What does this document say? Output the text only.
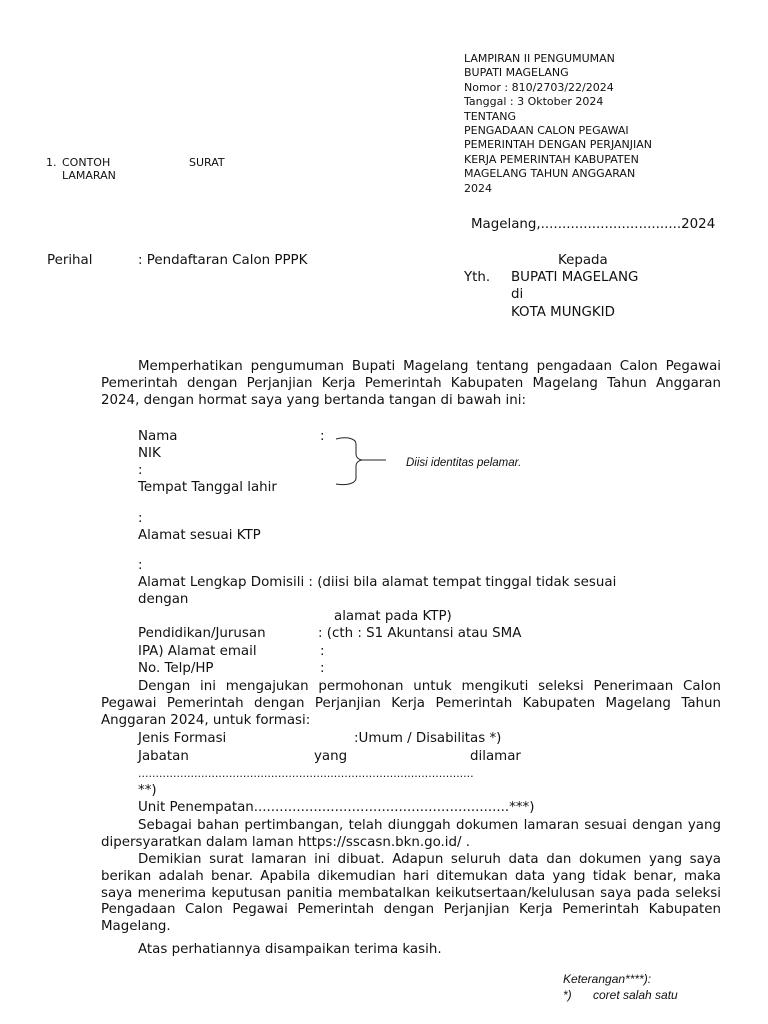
LAMPIRAN II PENGUMUMAN
BUPATI MAGELANG
Nomor : 810/2703/22/2024
Tanggal : 3 Oktober 2024
TENTANG
PENGADAAN CALON PEGAWAI
PEMERINTAH DENGAN PERJANJIAN
KERJA PEMERINTAH KABUPATEN
MAGELANG TAHUN ANGGARAN
2024
1. CONTOH	SURAT
LAMARAN
Magelang,.................................2024
Perihal	: Pendaftaran Calon PPPK	Kepada
Yth. BUPATI MAGELANG
di
KOTA MUNGKID
Memperhatikan pengumuman Bupati Magelang tentang pengadaan Calon Pegawai Pemerintah dengan Perjanjian Kerja Pemerintah Kabupaten Magelang Tahun Anggaran 2024, dengan hormat saya yang bertanda tangan di bawah ini:
Nama	:
NIK
:
Tempat Tanggal lahir
:
Alamat sesuai KTP
:
Diisi identitas pelamar.
Alamat Lengkap Domisili : (diisi bila alamat tempat tinggal tidak sesuai
dengan
alamat pada KTP)
Pendidikan/Jurusan	: (cth : S1 Akuntansi atau SMA
IPA) Alamat email	:
No. Telp/HP	:
Dengan ini mengajukan permohonan untuk mengikuti seleksi Penerimaan Calon Pegawai Pemerintah dengan Perjanjian Kerja Pemerintah Kabupaten Magelang Tahun Anggaran 2024, untuk formasi:
Jenis Formasi	:Umum / Disabilitas *)
Jabatan	yang	dilamar
................................................................................................
**)
Unit Penempatan............................................................***)
Sebagai bahan pertimbangan, telah diunggah dokumen lamaran sesuai dengan yang dipersyaratkan dalam laman https://sscasn.bkn.go.id/ .
Demikian surat lamaran ini dibuat. Adapun seluruh data dan dokumen yang saya berikan adalah benar. Apabila dikemudian hari ditemukan data yang tidak benar, maka saya menerima keputusan panitia membatalkan keikutsertaan/kelulusan saya pada seleksi Pengadaan Calon Pegawai Pemerintah dengan Perjanjian Kerja Pemerintah Kabupaten Magelang.
Atas perhatiannya disampaikan terima kasih.
Keterangan****):
*) coret salah satu
